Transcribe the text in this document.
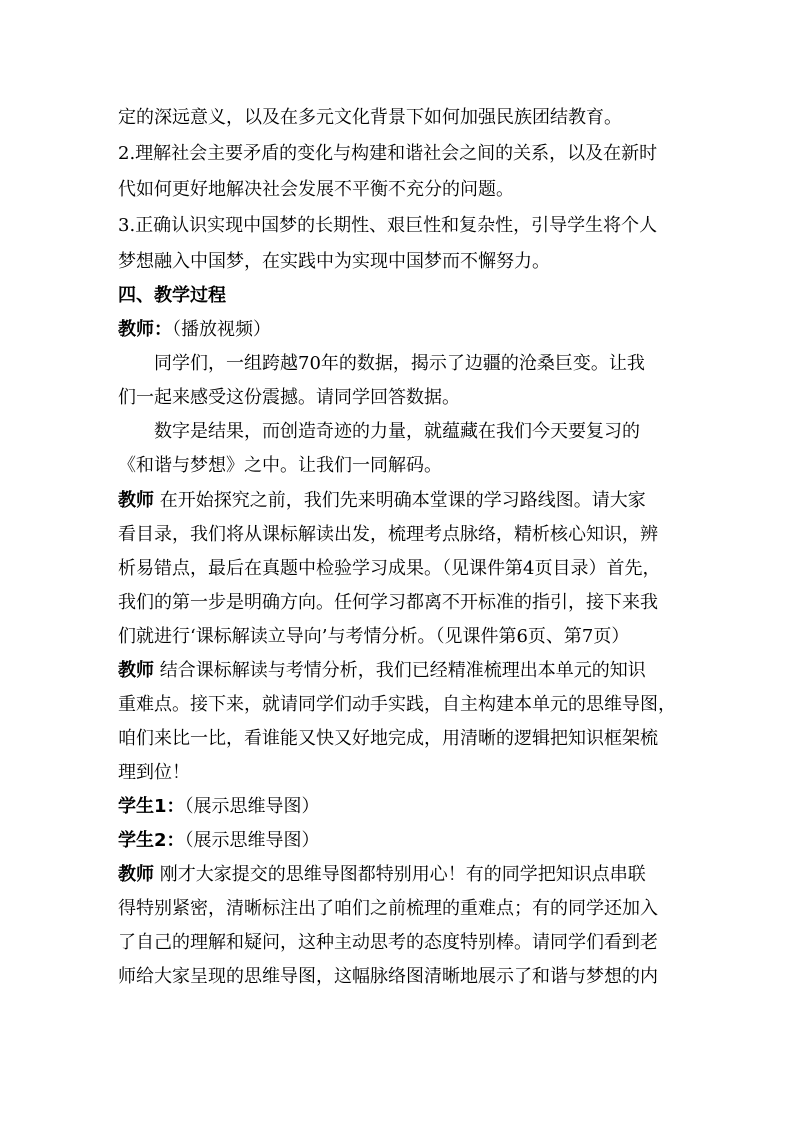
定的深远意义，以及在多元文化背景下如何加强民族团结教育。
2.理解社会主要矛盾的变化与构建和谐社会之间的关系，以及在新时
代如何更好地解决社会发展不平衡不充分的问题。
3.正确认识实现中国梦的长期性、艰巨性和复杂性，引导学生将个人
梦想融入中国梦，在实践中为实现中国梦而不懈努力。
四、教学过程
教师：（播放视频）
同学们，一组跨越70年的数据，揭示了边疆的沧桑巨变。让我
们一起来感受这份震撼。请同学回答数据。
数字是结果，而创造奇迹的力量，就蕴藏在我们今天要复习的
《和谐与梦想》之中。让我们一同解码。
教师 在开始探究之前，我们先来明确本堂课的学习路线图。请大家
看目录，我们将从课标解读出发，梳理考点脉络，精析核心知识，辨
析易错点，最后在真题中检验学习成果。（见课件第4页目录）首先，
我们的第一步是明确方向。任何学习都离不开标准的指引，接下来我
们就进行‘课标解读立导向’与考情分析。（见课件第6页、第7页）
教师 结合课标解读与考情分析，我们已经精准梳理出本单元的知识
重难点。接下来，就请同学们动手实践，自主构建本单元的思维导图，
咱们来比一比，看谁能又快又好地完成，用清晰的逻辑把知识框架梳
理到位！
学生1：（展示思维导图）
学生2：（展示思维导图）
教师 刚才大家提交的思维导图都特别用心！有的同学把知识点串联
得特别紧密，清晰标注出了咱们之前梳理的重难点；有的同学还加入
了自己的理解和疑问，这种主动思考的态度特别棒。请同学们看到老
师给大家呈现的思维导图，这幅脉络图清晰地展示了和谐与梦想的内
